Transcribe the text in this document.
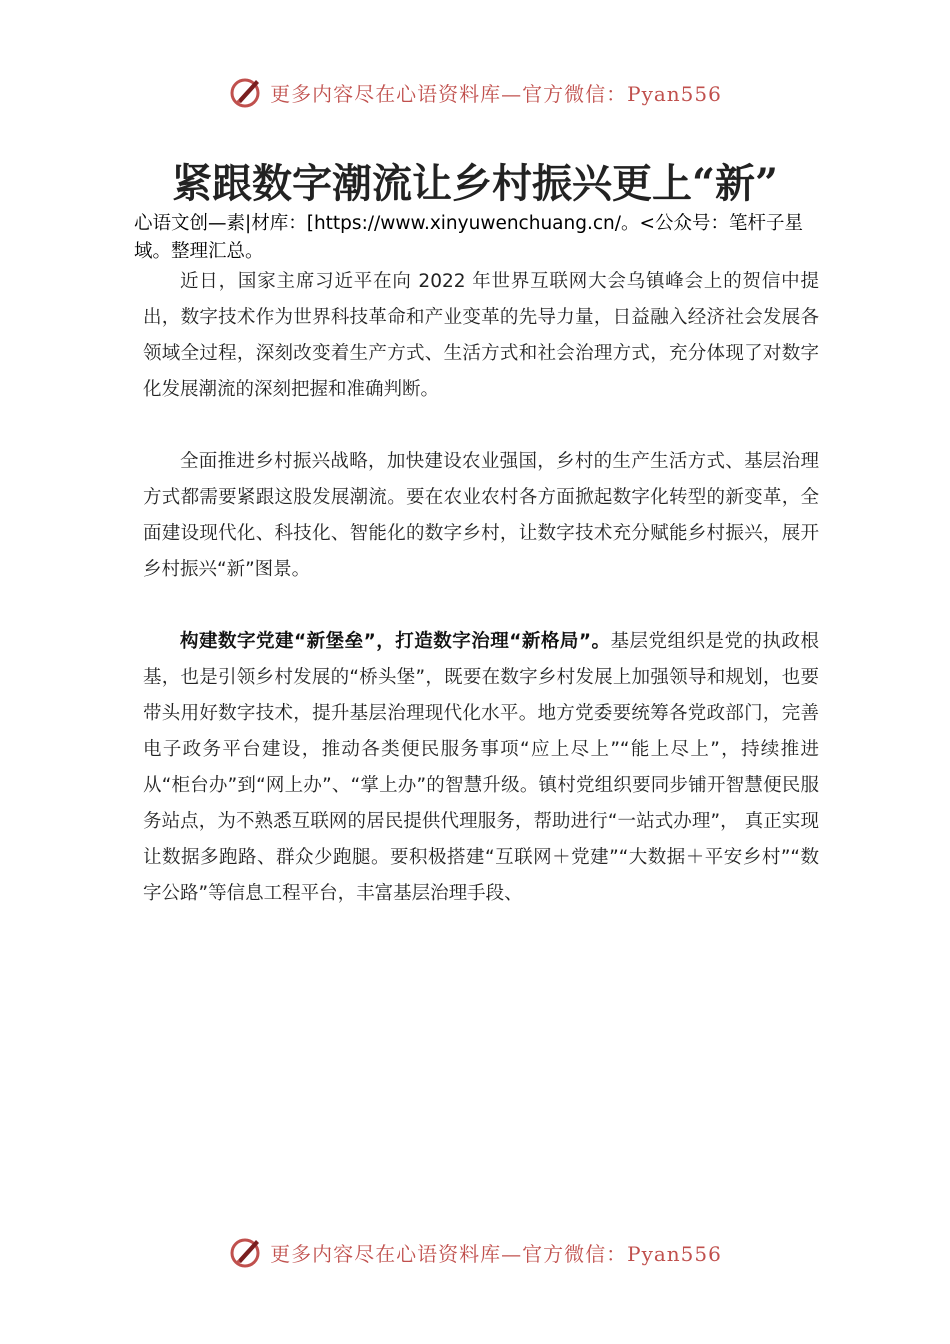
更多内容尽在心语资料库—官方微信：Pyan556
紧跟数字潮流让乡村振兴更上“新”

心语文创—素|材库：[https://www.xinyuwenchuang.cn/。<公众号：笔杆子星域。整理汇总。

近日，国家主席习近平在向 2022 年世界互联网大会乌镇峰会上的贺信中提出，数字技术作为世界科技革命和产业变革的先导力量，日益融入经济社会发展各领域全过程，深刻改变着生产方式、生活方式和社会治理方式，充分体现了对数字化发展潮流的深刻把握和准确判断。

全面推进乡村振兴战略，加快建设农业强国，乡村的生产生活方式、基层治理方式都需要紧跟这股发展潮流。要在农业农村各方面掀起数字化转型的新变革，全面建设现代化、科技化、智能化的数字乡村，让数字技术充分赋能乡村振兴，展开乡村振兴“新”图景。

构建数字党建“新堡垒”，打造数字治理“新格局”。基层党组织是党的执政根基，也是引领乡村发展的“桥头堡”，既要在数字乡村发展上加强领导和规划，也要带头用好数字技术，提升基层治理现代化水平。地方党委要统筹各党政部门，完善电子政务平台建设，推动各类便民服务事项“应上尽上”“能上尽上”，持续推进从“柜台办”到“网上办”、“掌上办”的智慧升级。镇村党组织要同步铺开智慧便民服务站点，为不熟悉互联网的居民提供代理服务，帮助进行“一站式办理”， 真正实现让数据多跑路、群众少跑腿。要积极搭建“互联网＋党建”“大数据＋平安乡村”“数字公路”等信息工程平台，丰富基层治理手段、

更多内容尽在心语资料库—官方微信：Pyan556
